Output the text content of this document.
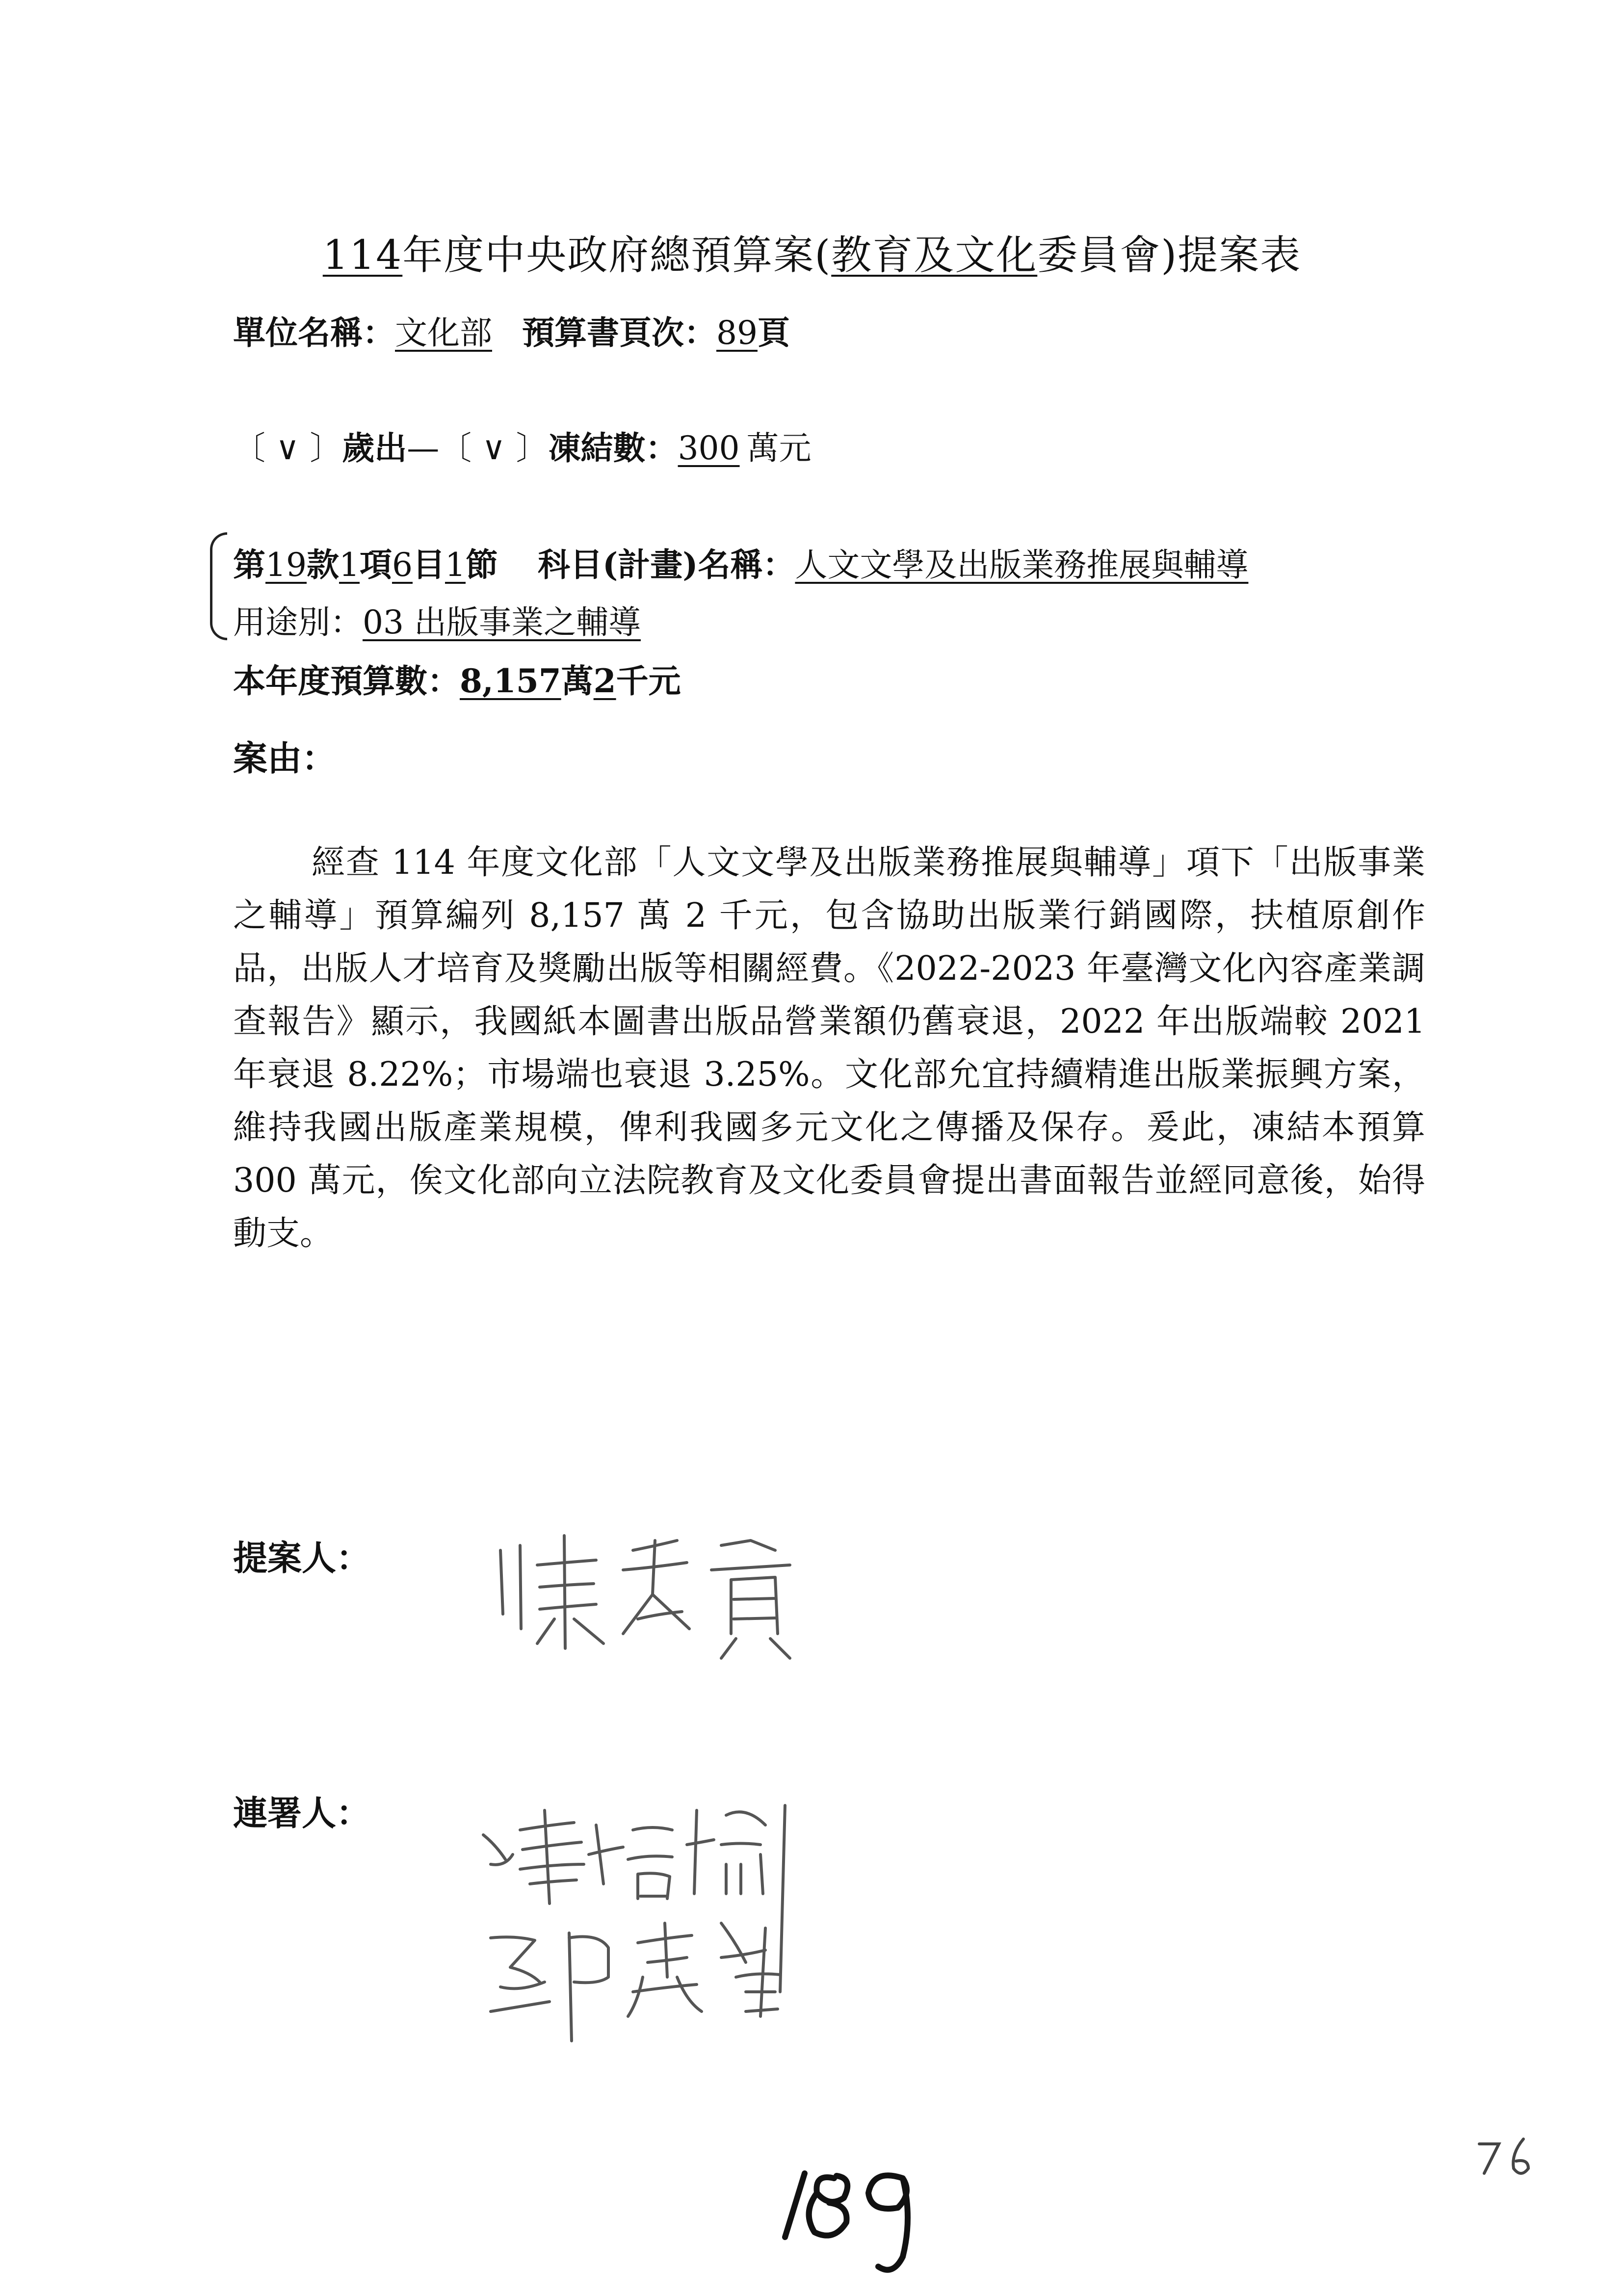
114年度中央政府總預算案(教育及文化委員會)提案表
單位名稱：文化部 預算書頁次：89頁
〔 ∨ 〕歲出—〔 ∨ 〕凍結數：300 萬元
第19款1項6目1節 科目(計畫)名稱：人文文學及出版業務推展與輔導
用途別：03 出版事業之輔導
本年度預算數：8,157萬2千元
案由：

經查 114 年度文化部「人文文學及出版業務推展與輔導」項下「出版事業之輔導」預算編列 8,157 萬 2 千元，包含協助出版業行銷國際，扶植原創作品，出版人才培育及獎勵出版等相關經費。《2022-2023 年臺灣文化內容產業調查報告》顯示，我國紙本圖書出版品營業額仍舊衰退，2022 年出版端較 2021 年衰退 8.22%；市場端也衰退 3.25%。文化部允宜持續精進出版業振興方案，維持我國出版產業規模，俾利我國多元文化之傳播及保存。爰此，凍結本預算 300 萬元，俟文化部向立法院教育及文化委員會提出書面報告並經同意後，始得動支。

提案人：
連署人：
